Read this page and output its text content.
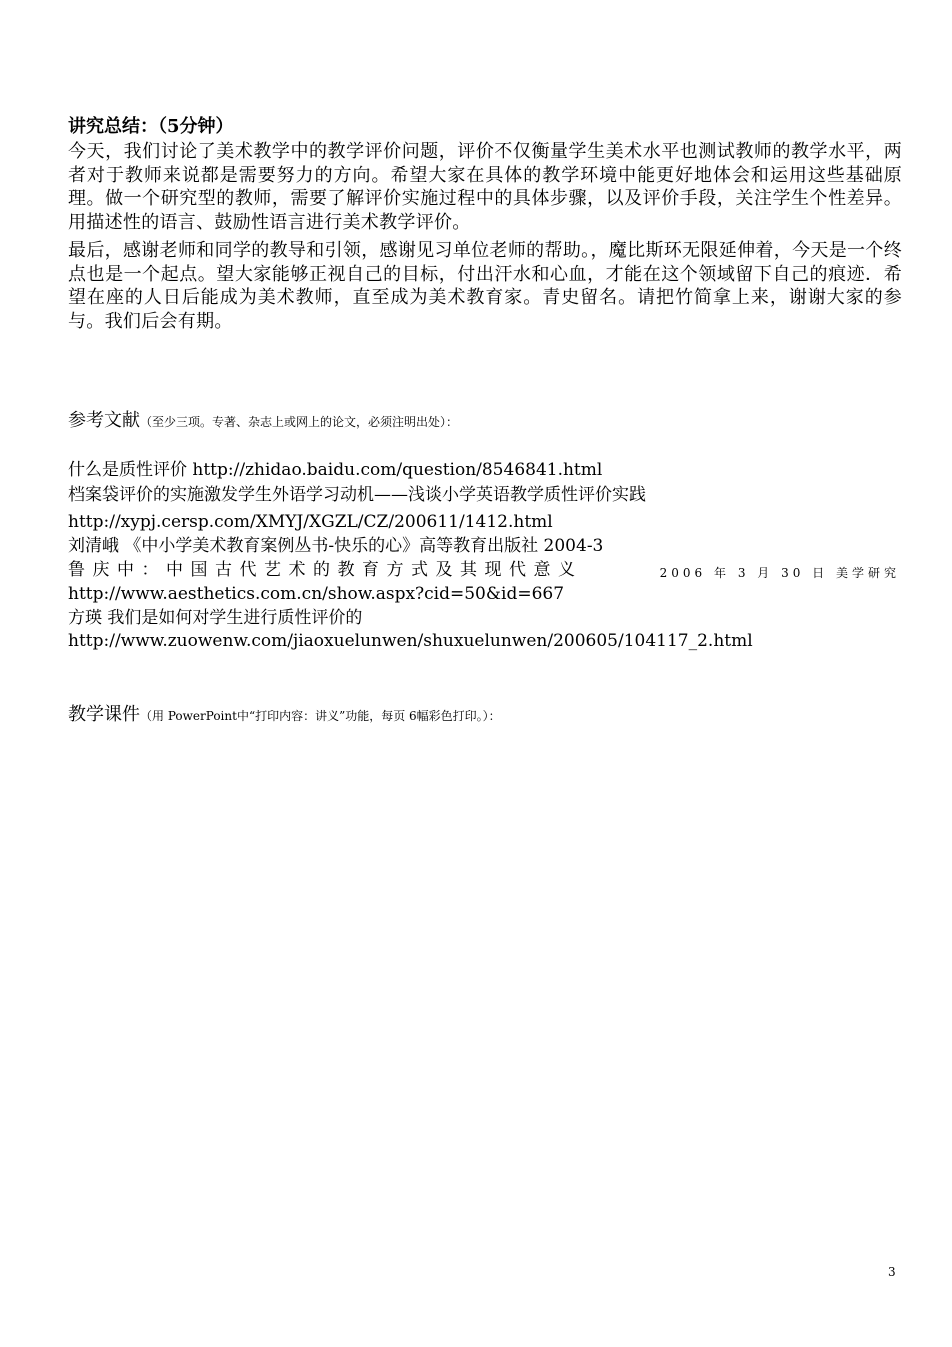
讲究总结：（5分钟）

今天，我们讨论了美术教学中的教学评价问题，评价不仅衡量学生美术水平也测试教师的教学水平，两者对于教师来说都是需要努力的方向。希望大家在具体的教学环境中能更好地体会和运用这些基础原理。做一个研究型的教师，需要了解评价实施过程中的具体步骤，以及评价手段，关注学生个性差异。用描述性的语言、鼓励性语言进行美术教学评价。

最后，感谢老师和同学的教导和引领，感谢见习单位老师的帮助。，魔比斯环无限延伸着，今天是一个终点也是一个起点。望大家能够正视自己的目标，付出汗水和心血，才能在这个领域留下自己的痕迹．希望在座的人日后能成为美术教师，直至成为美术教育家。青史留名。请把竹简拿上来，谢谢大家的参与。我们后会有期。

参考文献（至少三项。专著、杂志上或网上的论文，必须注明出处）：
什么是质性评价 http://zhidao.baidu.com/question/8546841.html
档案袋评价的实施激发学生外语学习动机——浅谈小学英语教学质性评价实践
http://xypj.cersp.com/XMYJ/XGZL/CZ/200611/1412.html
刘清峨 《中小学美术教育案例丛书-快乐的心》高等教育出版社 2004-3
鲁庆中：中国古代艺术的教育方式及其现代意义	2006 年 3 月 30 日 美学研究
http://www.aesthetics.com.cn/show.aspx?cid=50&id=667
方瑛 我们是如何对学生进行质性评价的
http://www.zuowenw.com/jiaoxuelunwen/shuxuelunwen/200605/104117_2.html
教学课件（用 PowerPoint中“打印内容：讲义”功能，每页 6幅彩色打印。）：
3
